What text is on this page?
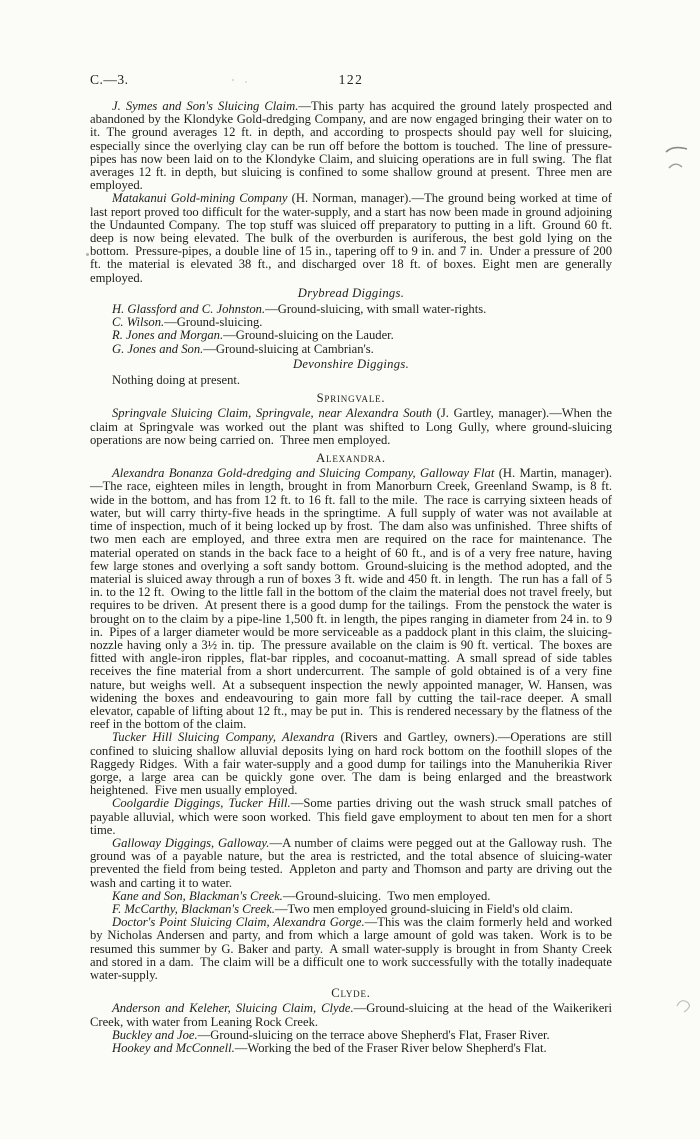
C.—3.	122

J. Symes and Son's Sluicing Claim.—This party has acquired the ground lately prospected and abandoned by the Klondyke Gold-dredging Company, and are now engaged bringing their water on to it. The ground averages 12 ft. in depth, and according to prospects should pay well for sluicing, especially since the overlying clay can be run off before the bottom is touched. The line of pressure-pipes has now been laid on to the Klondyke Claim, and sluicing operations are in full swing. The flat averages 12 ft. in depth, but sluicing is confined to some shallow ground at present. Three men are employed.

Matakanui Gold-mining Company (H. Norman, manager).—The ground being worked at time of last report proved too difficult for the water-supply, and a start has now been made in ground adjoining the Undaunted Company. The top stuff was sluiced off preparatory to putting in a lift. Ground 60 ft. deep is now being elevated. The bulk of the overburden is auriferous, the best gold lying on the bottom. Pressure-pipes, a double line of 15 in., tapering off to 9 in. and 7 in. Under a pressure of 200 ft. the material is elevated 38 ft., and discharged over 18 ft. of boxes. Eight men are generally employed.

Drybread Diggings.

H. Glassford and C. Johnston.—Ground-sluicing, with small water-rights.

C. Wilson.—Ground-sluicing.

R. Jones and Morgan.—Ground-sluicing on the Lauder.

G. Jones and Son.—Ground-sluicing at Cambrian's.

Devonshire Diggings.

Nothing doing at present.

Springvale.

Springvale Sluicing Claim, Springvale, near Alexandra South (J. Gartley, manager).—When the claim at Springvale was worked out the plant was shifted to Long Gully, where ground-sluicing operations are now being carried on. Three men employed.

Alexandra.

Alexandra Bonanza Gold-dredging and Sluicing Company, Galloway Flat (H. Martin, manager).—The race, eighteen miles in length, brought in from Manorburn Creek, Greenland Swamp, is 8 ft. wide in the bottom, and has from 12 ft. to 16 ft. fall to the mile. The race is carrying sixteen heads of water, but will carry thirty-five heads in the springtime. A full supply of water was not available at time of inspection, much of it being locked up by frost. The dam also was unfinished. Three shifts of two men each are employed, and three extra men are required on the race for maintenance. The material operated on stands in the back face to a height of 60 ft., and is of a very free nature, having few large stones and overlying a soft sandy bottom. Ground-sluicing is the method adopted, and the material is sluiced away through a run of boxes 3 ft. wide and 450 ft. in length. The run has a fall of 5 in. to the 12 ft. Owing to the little fall in the bottom of the claim the material does not travel freely, but requires to be driven. At present there is a good dump for the tailings. From the penstock the water is brought on to the claim by a pipe-line 1,500 ft. in length, the pipes ranging in diameter from 24 in. to 9 in. Pipes of a larger diameter would be more serviceable as a paddock plant in this claim, the sluicing-nozzle having only a 3½ in. tip. The pressure available on the claim is 90 ft. vertical. The boxes are fitted with angle-iron ripples, flat-bar ripples, and cocoanut-matting. A small spread of side tables receives the fine material from a short undercurrent. The sample of gold obtained is of a very fine nature, but weighs well. At a subsequent inspection the newly appointed manager, W. Hansen, was widening the boxes and endeavouring to gain more fall by cutting the tail-race deeper. A small elevator, capable of lifting about 12 ft., may be put in. This is rendered necessary by the flatness of the reef in the bottom of the claim.

Tucker Hill Sluicing Company, Alexandra (Rivers and Gartley, owners).—Operations are still confined to sluicing shallow alluvial deposits lying on hard rock bottom on the foothill slopes of the Raggedy Ridges. With a fair water-supply and a good dump for tailings into the Manuherikia River gorge, a large area can be quickly gone over. The dam is being enlarged and the breastwork heightened. Five men usually employed.

Coolgardie Diggings, Tucker Hill.—Some parties driving out the wash struck small patches of payable alluvial, which were soon worked. This field gave employment to about ten men for a short time.

Galloway Diggings, Galloway.—A number of claims were pegged out at the Galloway rush. The ground was of a payable nature, but the area is restricted, and the total absence of sluicing-water prevented the field from being tested. Appleton and party and Thomson and party are driving out the wash and carting it to water.

Kane and Son, Blackman's Creek.—Ground-sluicing. Two men employed.

F. McCarthy, Blackman's Creek.—Two men employed ground-sluicing in Field's old claim.

Doctor's Point Sluicing Claim, Alexandra Gorge.—This was the claim formerly held and worked by Nicholas Andersen and party, and from which a large amount of gold was taken. Work is to be resumed this summer by G. Baker and party. A small water-supply is brought in from Shanty Creek and stored in a dam. The claim will be a difficult one to work successfully with the totally inadequate water-supply.

Clyde.

Anderson and Keleher, Sluicing Claim, Clyde.—Ground-sluicing at the head of the Waikerikeri Creek, with water from Leaning Rock Creek.

Buckley and Joe.—Ground-sluicing on the terrace above Shepherd's Flat, Fraser River.

Hookey and McConnell.—Working the bed of the Fraser River below Shepherd's Flat.
